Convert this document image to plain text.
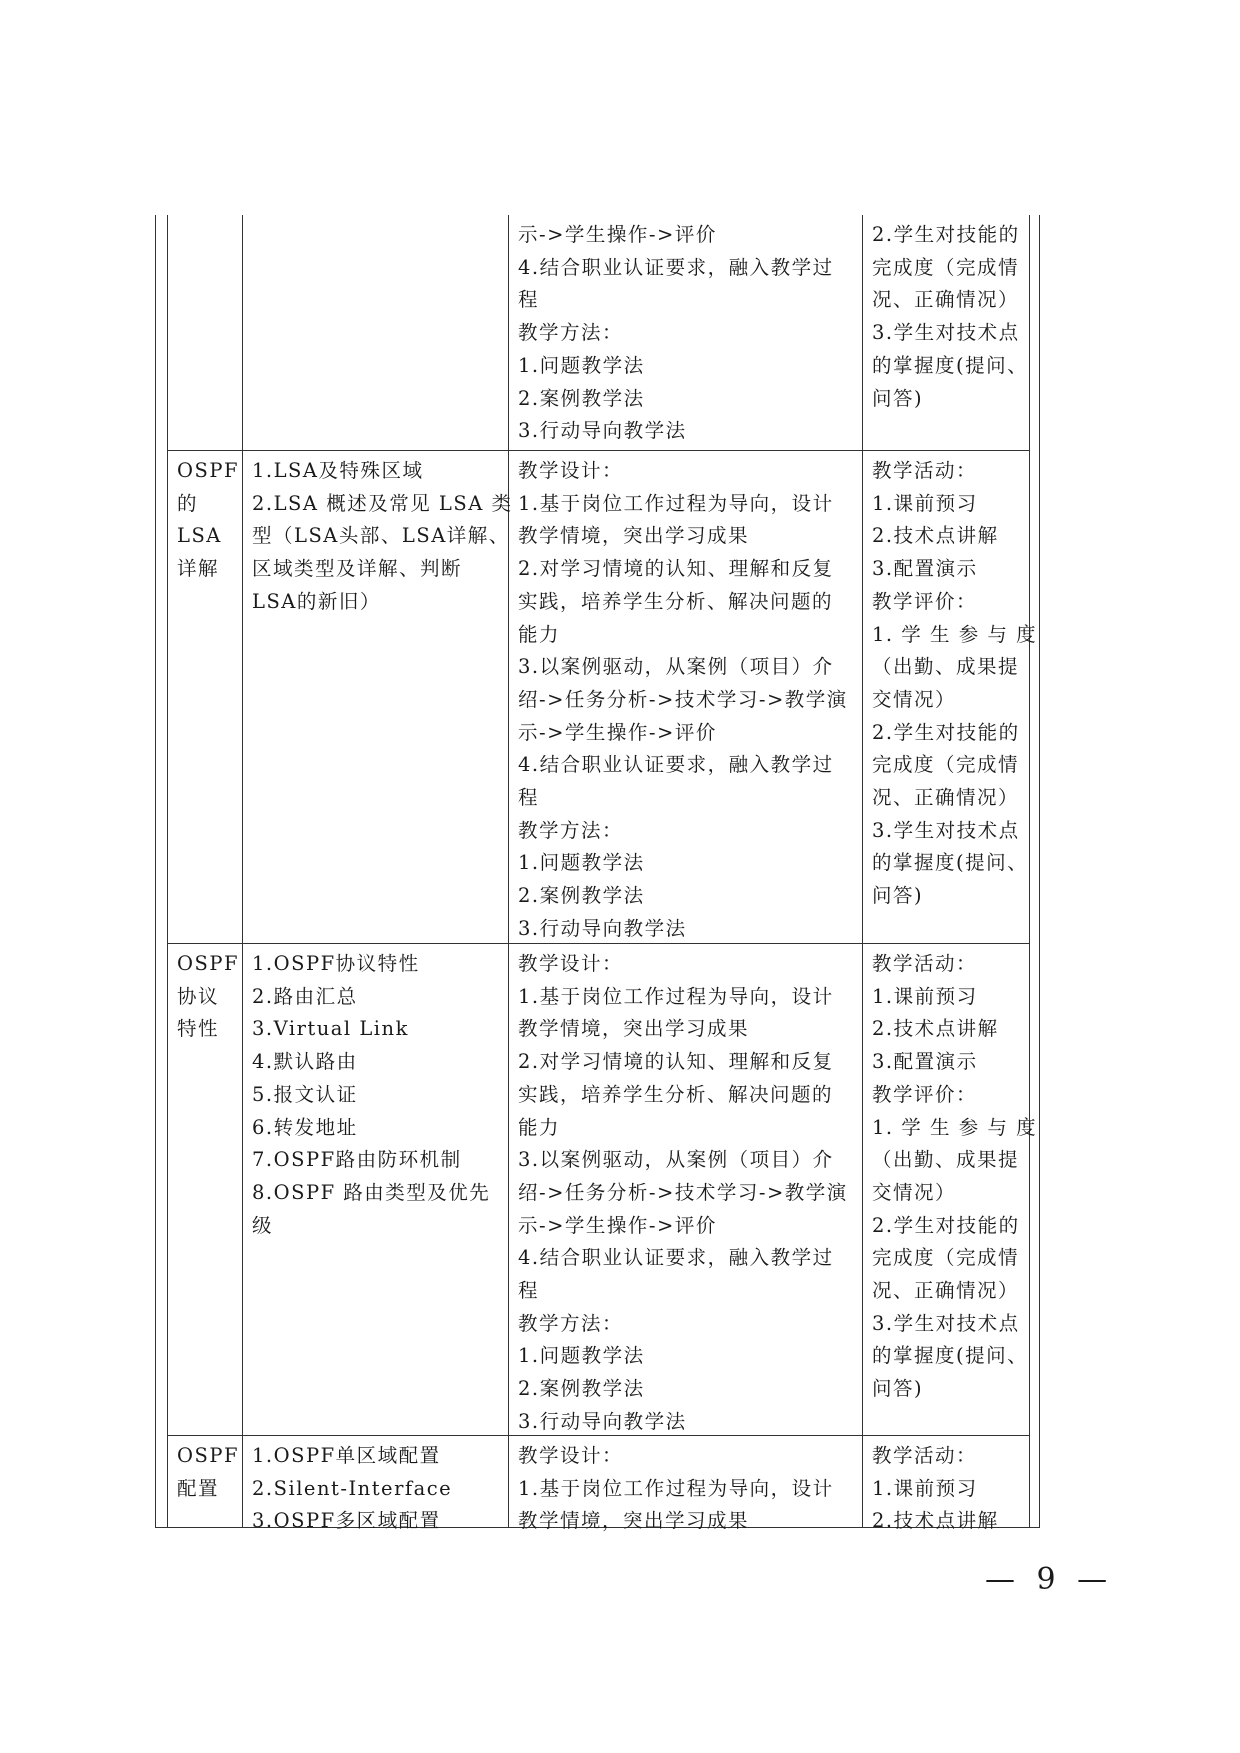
示->学生操作->评价
4.结合职业认证要求，融入教学过
程
教学方法：
1.问题教学法
2.案例教学法
3.行动导向教学法
2.学生对技能的
完成度（完成情
况、正确情况）
3.学生对技术点
的掌握度(提问、
问答)
OSPF
的
LSA
详解
1.LSA及特殊区域
2.LSA 概述及常见 LSA 类
型（LSA头部、LSA详解、
区域类型及详解、判断
LSA的新旧）
教学设计：
1.基于岗位工作过程为导向，设计
教学情境，突出学习成果
2.对学习情境的认知、理解和反复
实践，培养学生分析、解决问题的
能力
3.以案例驱动，从案例（项目）介
绍->任务分析->技术学习->教学演
示->学生操作->评价
4.结合职业认证要求，融入教学过
程
教学方法：
1.问题教学法
2.案例教学法
3.行动导向教学法
教学活动：
1.课前预习
2.技术点讲解
3.配置演示
教学评价：
1. 学 生 参 与 度
（出勤、成果提
交情况）
2.学生对技能的
完成度（完成情
况、正确情况）
3.学生对技术点
的掌握度(提问、
问答)
OSPF
协议
特性
1.OSPF协议特性
2.路由汇总
3.Virtual Link
4.默认路由
5.报文认证
6.转发地址
7.OSPF路由防环机制
8.OSPF 路由类型及优先
级
教学设计：
1.基于岗位工作过程为导向，设计
教学情境，突出学习成果
2.对学习情境的认知、理解和反复
实践，培养学生分析、解决问题的
能力
3.以案例驱动，从案例（项目）介
绍->任务分析->技术学习->教学演
示->学生操作->评价
4.结合职业认证要求，融入教学过
程
教学方法：
1.问题教学法
2.案例教学法
3.行动导向教学法
教学活动：
1.课前预习
2.技术点讲解
3.配置演示
教学评价：
1. 学 生 参 与 度
（出勤、成果提
交情况）
2.学生对技能的
完成度（完成情
况、正确情况）
3.学生对技术点
的掌握度(提问、
问答)
OSPF
配置
1.OSPF单区域配置
2.Silent-Interface
3.OSPF多区域配置
教学设计：
1.基于岗位工作过程为导向，设计
教学情境，突出学习成果
教学活动：
1.课前预习
2.技术点讲解
— 9 —
